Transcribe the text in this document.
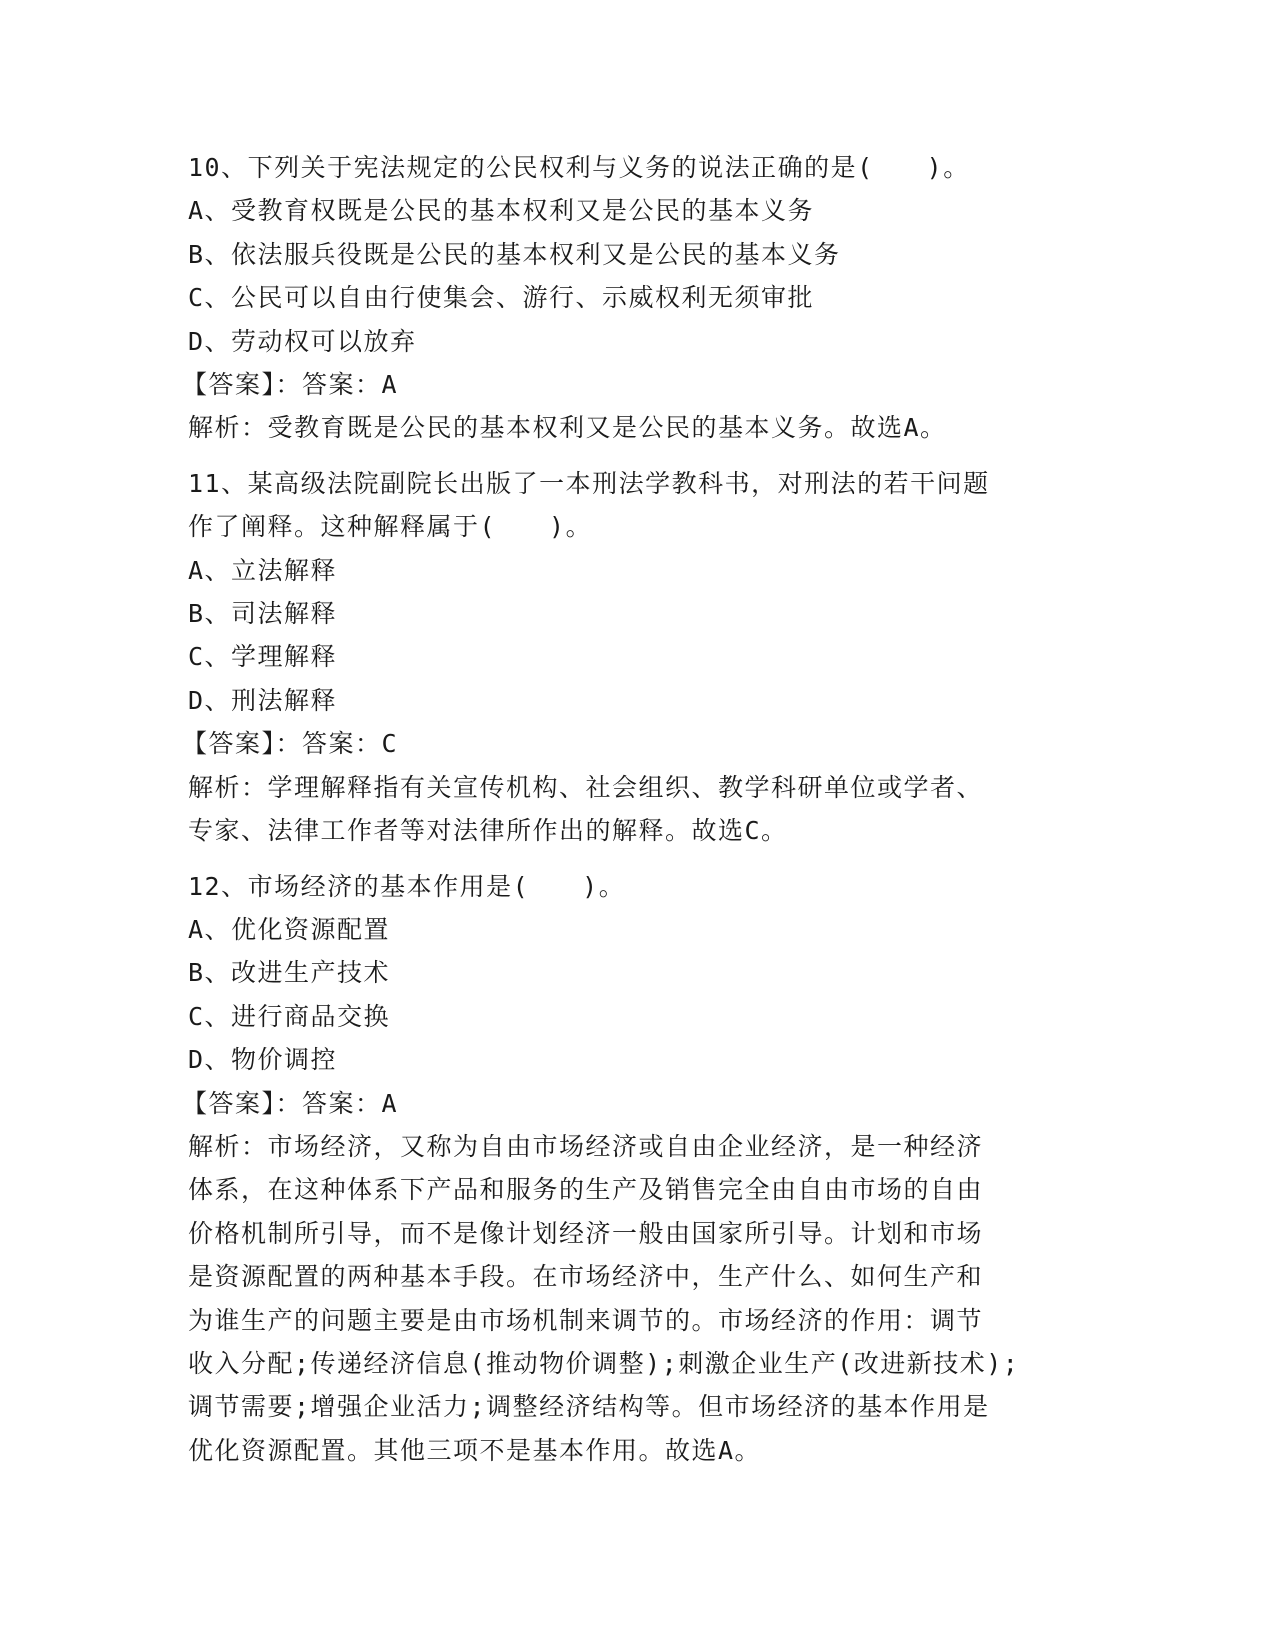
10、下列关于宪法规定的公民权利与义务的说法正确的是(　　)。

A、受教育权既是公民的基本权利又是公民的基本义务

B、依法服兵役既是公民的基本权利又是公民的基本义务

C、公民可以自由行使集会、游行、示威权利无须审批

D、劳动权可以放弃

【答案】：答案：A

解析：受教育既是公民的基本权利又是公民的基本义务。故选A。

11、某高级法院副院长出版了一本刑法学教科书，对刑法的若干问题

作了阐释。这种解释属于(　　)。

A、立法解释

B、司法解释

C、学理解释

D、刑法解释

【答案】：答案：C

解析：学理解释指有关宣传机构、社会组织、教学科研单位或学者、

专家、法律工作者等对法律所作出的解释。故选C。

12、市场经济的基本作用是(　　)。

A、优化资源配置

B、改进生产技术

C、进行商品交换

D、物价调控

【答案】：答案：A

解析：市场经济，又称为自由市场经济或自由企业经济，是一种经济

体系，在这种体系下产品和服务的生产及销售完全由自由市场的自由

价格机制所引导，而不是像计划经济一般由国家所引导。计划和市场

是资源配置的两种基本手段。在市场经济中，生产什么、如何生产和

为谁生产的问题主要是由市场机制来调节的。市场经济的作用：调节

收入分配;传递经济信息(推动物价调整);刺激企业生产(改进新技术);

调节需要;增强企业活力;调整经济结构等。但市场经济的基本作用是

优化资源配置。其他三项不是基本作用。故选A。
